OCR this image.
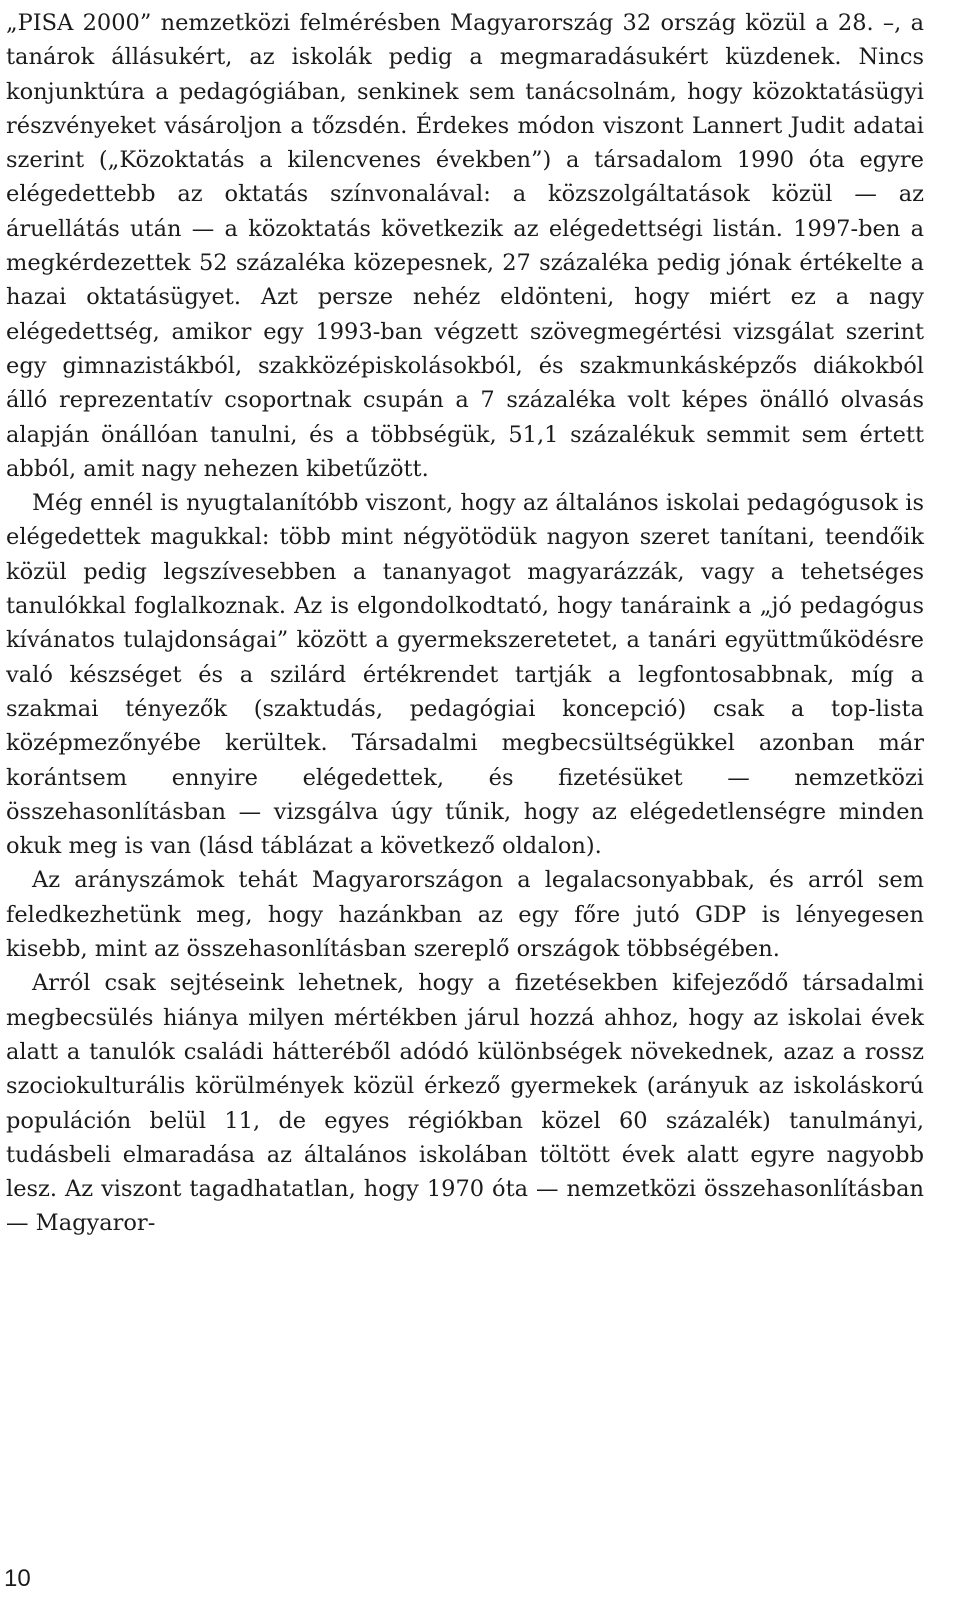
„PISA 2000” nemzetközi felmérésben Magyarország 32 ország közül a 28. –, a tanárok állásukért, az iskolák pedig a megmaradásukért küzdenek. Nincs konjunktúra a pedagógiában, senkinek sem tanácsolnám, hogy közoktatásügyi részvényeket vásároljon a tőzsdén. Érdekes módon viszont Lannert Judit adatai szerint („Közoktatás a kilencvenes években”) a társadalom 1990 óta egyre elégedettebb az oktatás színvonalával: a közszolgáltatások közül — az áruellátás után — a közoktatás következik az elégedettségi listán. 1997-ben a megkérdezettek 52 százaléka közepesnek, 27 százaléka pedig jónak értékelte a hazai oktatásügyet. Azt persze nehéz eldönteni, hogy miért ez a nagy elégedettség, amikor egy 1993-ban végzett szövegmegértési vizsgálat szerint egy gimnazistákból, szakközépiskolásokból, és szakmunkásképzős diákokból álló reprezentatív csoportnak csupán a 7 százaléka volt képes önálló olvasás alapján önállóan tanulni, és a többségük, 51,1 százalékuk semmit sem értett abból, amit nagy nehezen kibetűzött.

Még ennél is nyugtalanítóbb viszont, hogy az általános iskolai pedagógusok is elégedettek magukkal: több mint négyötödük nagyon szeret tanítani, teendőik közül pedig legszívesebben a tananyagot magyarázzák, vagy a tehetséges tanulókkal foglalkoznak. Az is elgondolkodtató, hogy tanáraink a „jó pedagógus kívánatos tulajdonságai” között a gyermekszeretetet, a tanári együttműködésre való készséget és a szilárd értékrendet tartják a legfontosabbnak, míg a szakmai tényezők (szaktudás, pedagógiai koncepció) csak a top-lista középmezőnyébe kerültek. Társadalmi megbecsültségükkel azonban már korántsem ennyire elégedettek, és fizetésüket — nemzetközi összehasonlításban — vizsgálva úgy tűnik, hogy az elégedetlenségre minden okuk meg is van (lásd táblázat a következő oldalon).

Az arányszámok tehát Magyarországon a legalacsonyabbak, és arról sem feledkezhetünk meg, hogy hazánkban az egy főre jutó GDP is lényegesen kisebb, mint az összehasonlításban szereplő országok többségében.

Arról csak sejtéseink lehetnek, hogy a fizetésekben kifejeződő társadalmi megbecsülés hiánya milyen mértékben járul hozzá ahhoz, hogy az iskolai évek alatt a tanulók családi hátteréből adódó különbségek növekednek, azaz a rossz szociokulturális körülmények közül érkező gyermekek (arányuk az iskoláskorú populáción belül 11, de egyes régiókban közel 60 százalék) tanulmányi, tudásbeli elmaradása az általános iskolában töltött évek alatt egyre nagyobb lesz. Az viszont tagadhatatlan, hogy 1970 óta — nemzetközi összehasonlításban — Magyaror-

10
